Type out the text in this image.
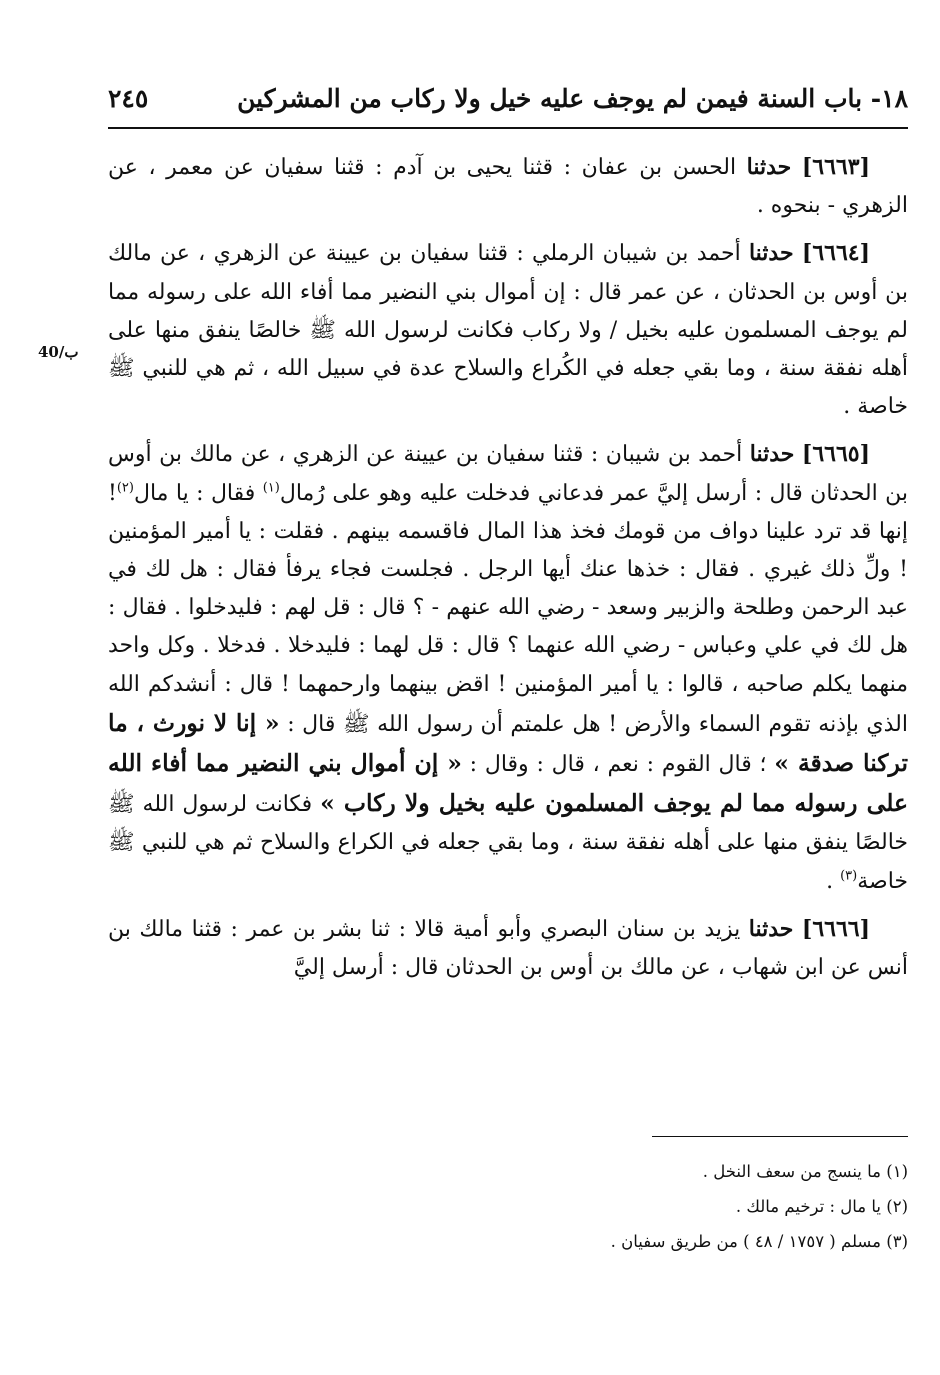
١٨- باب السنة فيمن لم يوجف عليه خيل ولا ركاب من المشركين
٢٤٥
40/ب

[٦٦٦٣] حدثنا الحسن بن عفان : قثنا يحيى بن آدم : قثنا سفيان عن معمر ، عن الزهري - بنحوه .

[٦٦٦٤] حدثنا أحمد بن شيبان الرملي : قثنا سفيان بن عيينة عن الزهري ، عن مالك بن أوس بن الحدثان ، عن عمر قال : إن أموال بني النضير مما أفاء الله على رسوله مما لم يوجف المسلمون عليه بخيل / ولا ركاب فكانت لرسول الله ﷺ خالصًا ينفق منها على أهله نفقة سنة ، وما بقي جعله في الكُراع والسلاح عدة في سبيل الله ، ثم هي للنبي ﷺ خاصة .

[٦٦٦٥] حدثنا أحمد بن شيبان : قثنا سفيان بن عيينة عن الزهري ، عن مالك بن أوس بن الحدثان قال : أرسل إليَّ عمر فدعاني فدخلت عليه وهو على رُمال$^{(١)}$ فقال : يا مال$^{(٢)}$! إنها قد ترد علينا دواف من قومك فخذ هذا المال فاقسمه بينهم . فقلت : يا أمير المؤمنين ! ولِّ ذلك غيري . فقال : خذها عنك أيها الرجل . فجلست فجاء يرفأ فقال : هل لك في عبد الرحمن وطلحة والزبير وسعد - رضي الله عنهم - ؟ قال : قل لهم : فليدخلوا . فقال : هل لك في علي وعباس - رضي الله عنهما ؟ قال : قل لهما : فليدخلا . فدخلا . وكل واحد منهما يكلم صاحبه ، قالوا : يا أمير المؤمنين ! اقض بينهما وارحمهما ! قال : أنشدكم الله الذي بإذنه تقوم السماء والأرض ! هل علمتم أن رسول الله ﷺ قال : « إنا لا نورث ، ما تركنا صدقة » ؛ قال القوم : نعم ، قال : وقال : « إن أموال بني النضير مما أفاء الله على رسوله مما لم يوجف المسلمون عليه بخيل ولا ركاب » فكانت لرسول الله ﷺ خالصًا ينفق منها على أهله نفقة سنة ، وما بقي جعله في الكراع والسلاح ثم هي للنبي ﷺ خاصة$^{(٣)}$ .

[٦٦٦٦] حدثنا يزيد بن سنان البصري وأبو أمية قالا : ثنا بشر بن عمر : قثنا مالك بن أنس عن ابن شهاب ، عن مالك بن أوس بن الحدثان قال : أرسل إليَّ

(١) ما ينسج من سعف النخل .
(٢) يا مال : ترخيم مالك .
(٣) مسلم ( ١٧٥٧ / ٤٨ ) من طريق سفيان .
